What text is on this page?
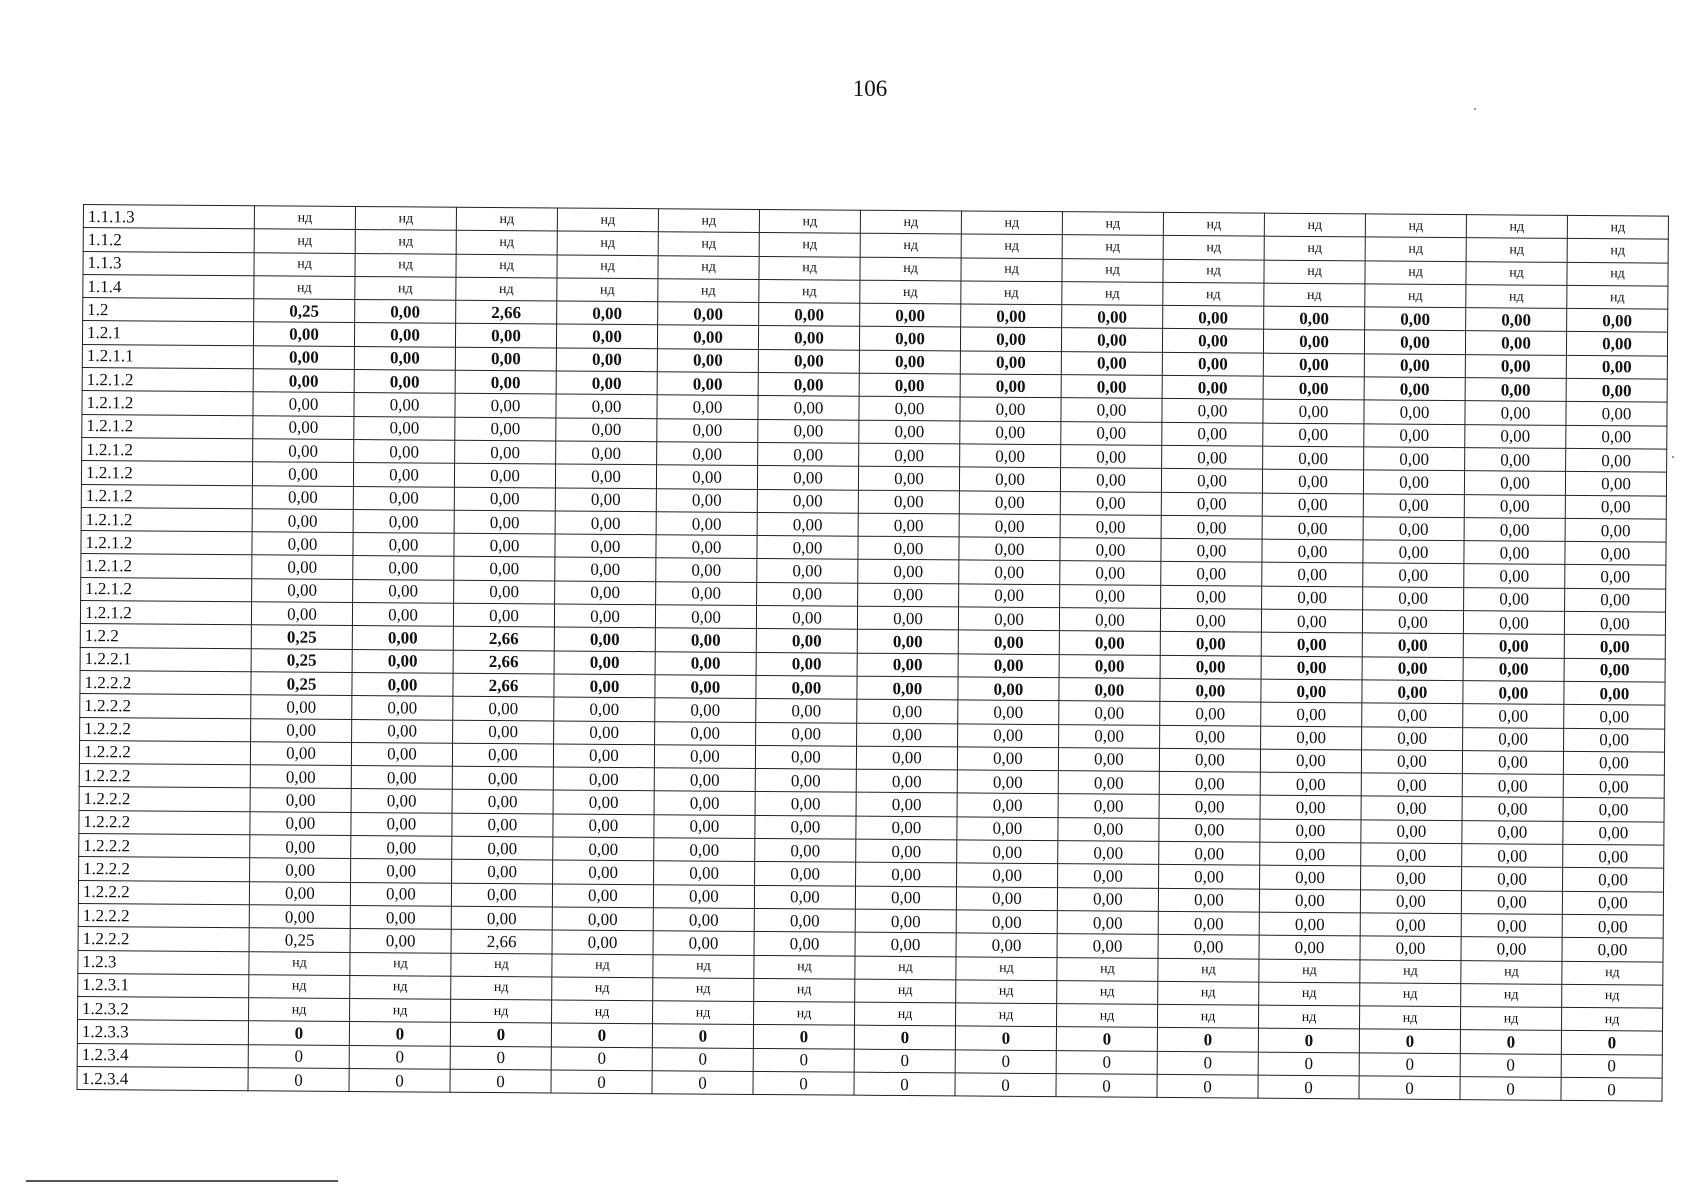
106
1.1.1.3	нд	нд	нд	нд	нд	нд	нд	нд	нд	нд	нд	нд	нд	нд
1.1.2	нд	нд	нд	нд	нд	нд	нд	нд	нд	нд	нд	нд	нд	нд
1.1.3	нд	нд	нд	нд	нд	нд	нд	нд	нд	нд	нд	нд	нд	нд
1.1.4	нд	нд	нд	нд	нд	нд	нд	нд	нд	нд	нд	нд	нд	нд
1.2	0,25	0,00	2,66	0,00	0,00	0,00	0,00	0,00	0,00	0,00	0,00	0,00	0,00	0,00
1.2.1	0,00	0,00	0,00	0,00	0,00	0,00	0,00	0,00	0,00	0,00	0,00	0,00	0,00	0,00
1.2.1.1	0,00	0,00	0,00	0,00	0,00	0,00	0,00	0,00	0,00	0,00	0,00	0,00	0,00	0,00
1.2.1.2	0,00	0,00	0,00	0,00	0,00	0,00	0,00	0,00	0,00	0,00	0,00	0,00	0,00	0,00
1.2.1.2	0,00	0,00	0,00	0,00	0,00	0,00	0,00	0,00	0,00	0,00	0,00	0,00	0,00	0,00
1.2.1.2	0,00	0,00	0,00	0,00	0,00	0,00	0,00	0,00	0,00	0,00	0,00	0,00	0,00	0,00
1.2.1.2	0,00	0,00	0,00	0,00	0,00	0,00	0,00	0,00	0,00	0,00	0,00	0,00	0,00	0,00
1.2.1.2	0,00	0,00	0,00	0,00	0,00	0,00	0,00	0,00	0,00	0,00	0,00	0,00	0,00	0,00
1.2.1.2	0,00	0,00	0,00	0,00	0,00	0,00	0,00	0,00	0,00	0,00	0,00	0,00	0,00	0,00
1.2.1.2	0,00	0,00	0,00	0,00	0,00	0,00	0,00	0,00	0,00	0,00	0,00	0,00	0,00	0,00
1.2.1.2	0,00	0,00	0,00	0,00	0,00	0,00	0,00	0,00	0,00	0,00	0,00	0,00	0,00	0,00
1.2.1.2	0,00	0,00	0,00	0,00	0,00	0,00	0,00	0,00	0,00	0,00	0,00	0,00	0,00	0,00
1.2.1.2	0,00	0,00	0,00	0,00	0,00	0,00	0,00	0,00	0,00	0,00	0,00	0,00	0,00	0,00
1.2.1.2	0,00	0,00	0,00	0,00	0,00	0,00	0,00	0,00	0,00	0,00	0,00	0,00	0,00	0,00
1.2.2	0,25	0,00	2,66	0,00	0,00	0,00	0,00	0,00	0,00	0,00	0,00	0,00	0,00	0,00
1.2.2.1	0,25	0,00	2,66	0,00	0,00	0,00	0,00	0,00	0,00	0,00	0,00	0,00	0,00	0,00
1.2.2.2	0,25	0,00	2,66	0,00	0,00	0,00	0,00	0,00	0,00	0,00	0,00	0,00	0,00	0,00
1.2.2.2	0,00	0,00	0,00	0,00	0,00	0,00	0,00	0,00	0,00	0,00	0,00	0,00	0,00	0,00
1.2.2.2	0,00	0,00	0,00	0,00	0,00	0,00	0,00	0,00	0,00	0,00	0,00	0,00	0,00	0,00
1.2.2.2	0,00	0,00	0,00	0,00	0,00	0,00	0,00	0,00	0,00	0,00	0,00	0,00	0,00	0,00
1.2.2.2	0,00	0,00	0,00	0,00	0,00	0,00	0,00	0,00	0,00	0,00	0,00	0,00	0,00	0,00
1.2.2.2	0,00	0,00	0,00	0,00	0,00	0,00	0,00	0,00	0,00	0,00	0,00	0,00	0,00	0,00
1.2.2.2	0,00	0,00	0,00	0,00	0,00	0,00	0,00	0,00	0,00	0,00	0,00	0,00	0,00	0,00
1.2.2.2	0,00	0,00	0,00	0,00	0,00	0,00	0,00	0,00	0,00	0,00	0,00	0,00	0,00	0,00
1.2.2.2	0,00	0,00	0,00	0,00	0,00	0,00	0,00	0,00	0,00	0,00	0,00	0,00	0,00	0,00
1.2.2.2	0,00	0,00	0,00	0,00	0,00	0,00	0,00	0,00	0,00	0,00	0,00	0,00	0,00	0,00
1.2.2.2	0,00	0,00	0,00	0,00	0,00	0,00	0,00	0,00	0,00	0,00	0,00	0,00	0,00	0,00
1.2.2.2	0,25	0,00	2,66	0,00	0,00	0,00	0,00	0,00	0,00	0,00	0,00	0,00	0,00	0,00
1.2.3	нд	нд	нд	нд	нд	нд	нд	нд	нд	нд	нд	нд	нд	нд
1.2.3.1	нд	нд	нд	нд	нд	нд	нд	нд	нд	нд	нд	нд	нд	нд
1.2.3.2	нд	нд	нд	нд	нд	нд	нд	нд	нд	нд	нд	нд	нд	нд
1.2.3.3	0	0	0	0	0	0	0	0	0	0	0	0	0	0
1.2.3.4	0	0	0	0	0	0	0	0	0	0	0	0	0	0
1.2.3.4	0	0	0	0	0	0	0	0	0	0	0	0	0	0
